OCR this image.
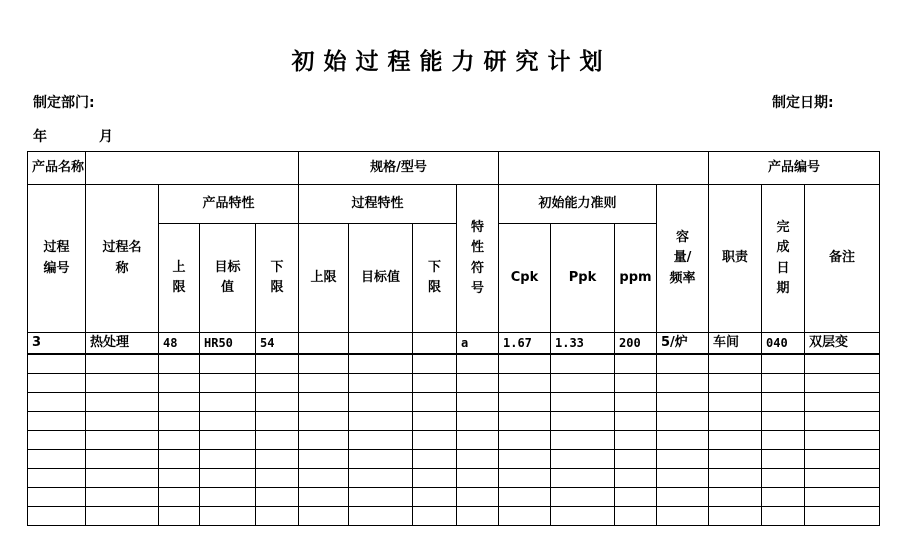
初始过程能力研究计划
制定部门:	制定日期:
年	月
产品名称					规格/型号								产品编号		
过程编号	过程名称	产品特性			过程特性			特性符号	初始能力准则			容量/频率	职责	完成日期	备注
		上限	目标值	下限	上限	目标值	下限		Cpk	Ppk	ppm				
3	热处理	48	HR50	54				a	1.67	1.33	200	5/炉	车间	040	双层变
